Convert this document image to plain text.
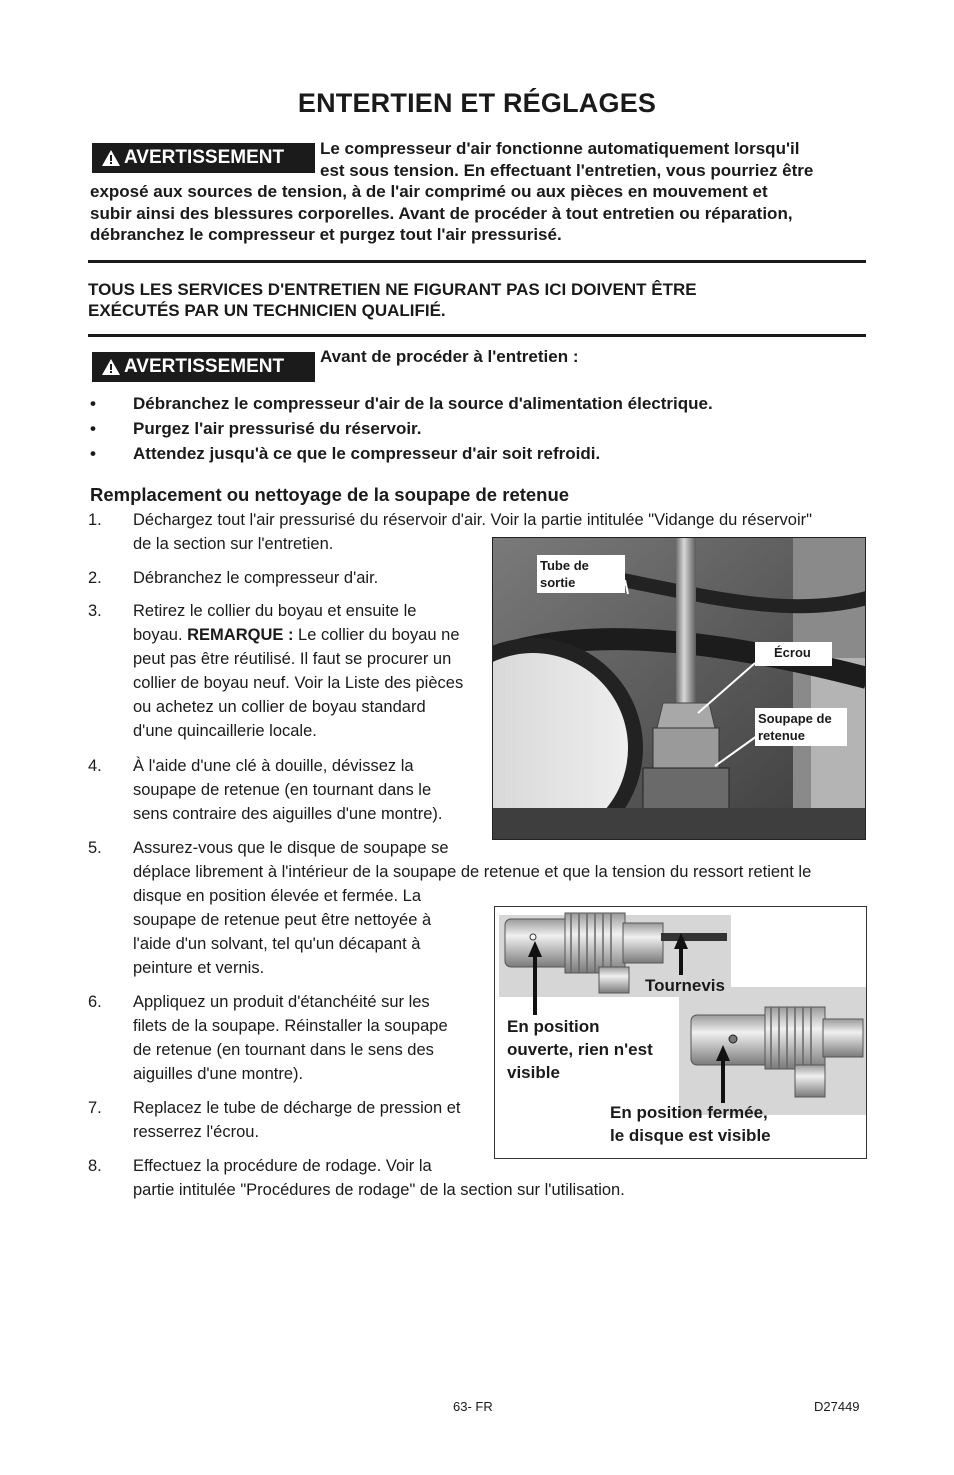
ENTERTIEN ET RÉGLAGES
AVERTISSEMENT Le compresseur d'air fonctionne automatiquement lorsqu'il
est sous tension. En effectuant l'entretien, vous pourriez être
exposé aux sources de tension, à de l'air comprimé ou aux pièces en mouvement et
subir ainsi des blessures corporelles. Avant de procéder à tout entretien ou réparation,
débranchez le compresseur et purgez tout l'air pressurisé.
TOUS LES SERVICES D'ENTRETIEN NE FIGURANT PAS ICI DOIVENT ÊTRE
EXÉCUTÉS PAR UN TECHNICIEN QUALIFIÉ.
AVERTISSEMENT Avant de procéder à l'entretien :
• Débranchez le compresseur d'air de la source d'alimentation électrique.
• Purgez l'air pressurisé du réservoir.
• Attendez jusqu'à ce que le compresseur d'air soit refroidi.
Remplacement ou nettoyage de la soupape de retenue
1. Déchargez tout l'air pressurisé du réservoir d'air. Voir la partie intitulée "Vidange du réservoir"
de la section sur l'entretien.
2. Débranchez le compresseur d'air.
3. Retirez le collier du boyau et ensuite le
boyau. REMARQUE : Le collier du boyau ne
peut pas être réutilisé. Il faut se procurer un
collier de boyau neuf. Voir la Liste des pièces
ou achetez un collier de boyau standard
d'une quincaillerie locale.
4. À l'aide d'une clé à douille, dévissez la
soupape de retenue (en tournant dans le
sens contraire des aiguilles d'une montre).
5. Assurez-vous que le disque de soupape se
déplace librement à l'intérieur de la soupape de retenue et que la tension du ressort retient le
disque en position élevée et fermée. La
soupape de retenue peut être nettoyée à
l'aide d'un solvant, tel qu'un décapant à
peinture et vernis.
6. Appliquez un produit d'étanchéité sur les
filets de la soupape. Réinstaller la soupape
de retenue (en tournant dans le sens des
aiguilles d'une montre).
7. Replacez le tube de décharge de pression et
resserrez l'écrou.
8. Effectuez la procédure de rodage. Voir la
partie intitulée "Procédures de rodage" de la section sur l'utilisation.
Tube de
sortie
Écrou
Soupape de
retenue
Tournevis
En position
ouverte, rien n'est
visible
En position fermée,
le disque est visible
63- FR	D27449
